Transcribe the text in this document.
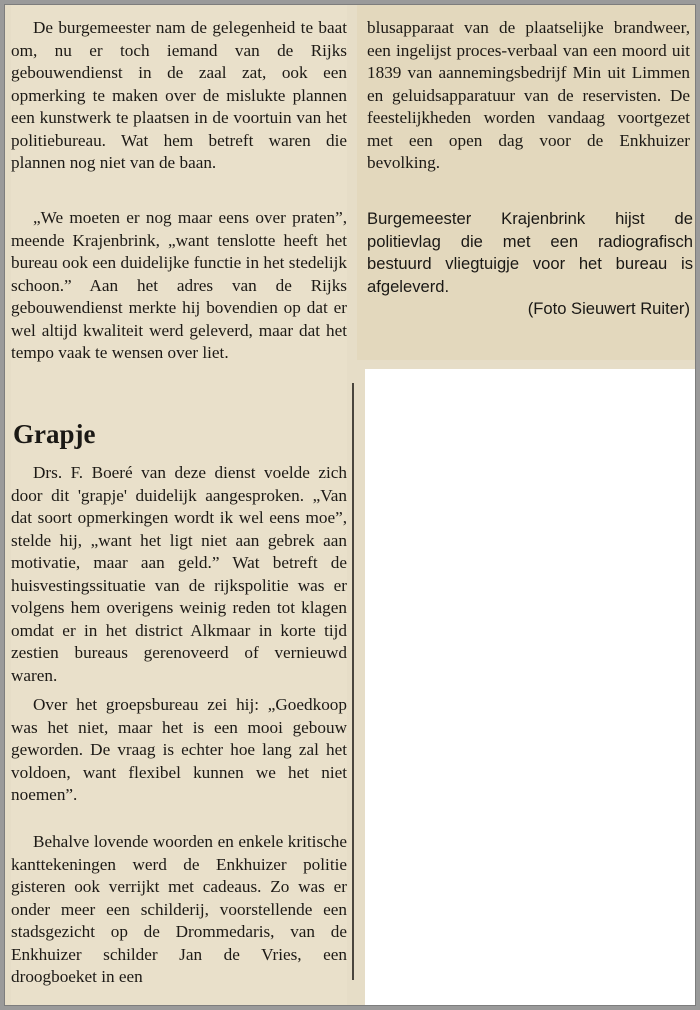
De burgemeester nam de gelegenheid te baat om, nu er toch iemand van de Rijks gebouwendienst in de zaal zat, ook een opmerking te maken over de mislukte plannen een kunstwerk te plaatsen in de voortuin van het politiebureau. Wat hem betreft waren die plannen nog niet van de baan.

„We moeten er nog maar eens over praten”, meende Krajenbrink, „want tenslotte heeft het bureau ook een duidelijke functie in het stedelijk schoon.” Aan het adres van de Rijks gebouwendienst merkte hij bovendien op dat er wel altijd kwaliteit werd geleverd, maar dat het tempo vaak te wensen over liet.

Grapje

Drs. F. Boeré van deze dienst voelde zich door dit 'grapje' duidelijk aangesproken. „Van dat soort opmerkingen wordt ik wel eens moe”, stelde hij, „want het ligt niet aan gebrek aan motivatie, maar aan geld.” Wat betreft de huisvestingssituatie van de rijkspolitie was er volgens hem overigens weinig reden tot klagen omdat er in het district Alkmaar in korte tijd zestien bureaus gerenoveerd of vernieuwd waren.

Over het groepsbureau zei hij: „Goedkoop was het niet, maar het is een mooi gebouw geworden. De vraag is echter hoe lang zal het voldoen, want flexibel kunnen we het niet noemen”.

Behalve lovende woorden en enkele kritische kanttekeningen werd de Enkhuizer politie gisteren ook verrijkt met cadeaus. Zo was er onder meer een schilderij, voorstellende een stadsgezicht op de Drommedaris, van de Enkhuizer schilder Jan de Vries, een droogboeket in een

blusapparaat van de plaatselijke brandweer, een ingelijst proces-verbaal van een moord uit 1839 van aannemingsbedrijf Min uit Limmen en geluidsapparatuur van de reservisten. De feestelijkheden worden vandaag voortgezet met een open dag voor de Enkhuizer bevolking.

Burgemeester Krajenbrink hijst de politievlag die met een radiografisch bestuurd vliegtuigje voor het bureau is afgeleverd.

(Foto Sieuwert Ruiter)
